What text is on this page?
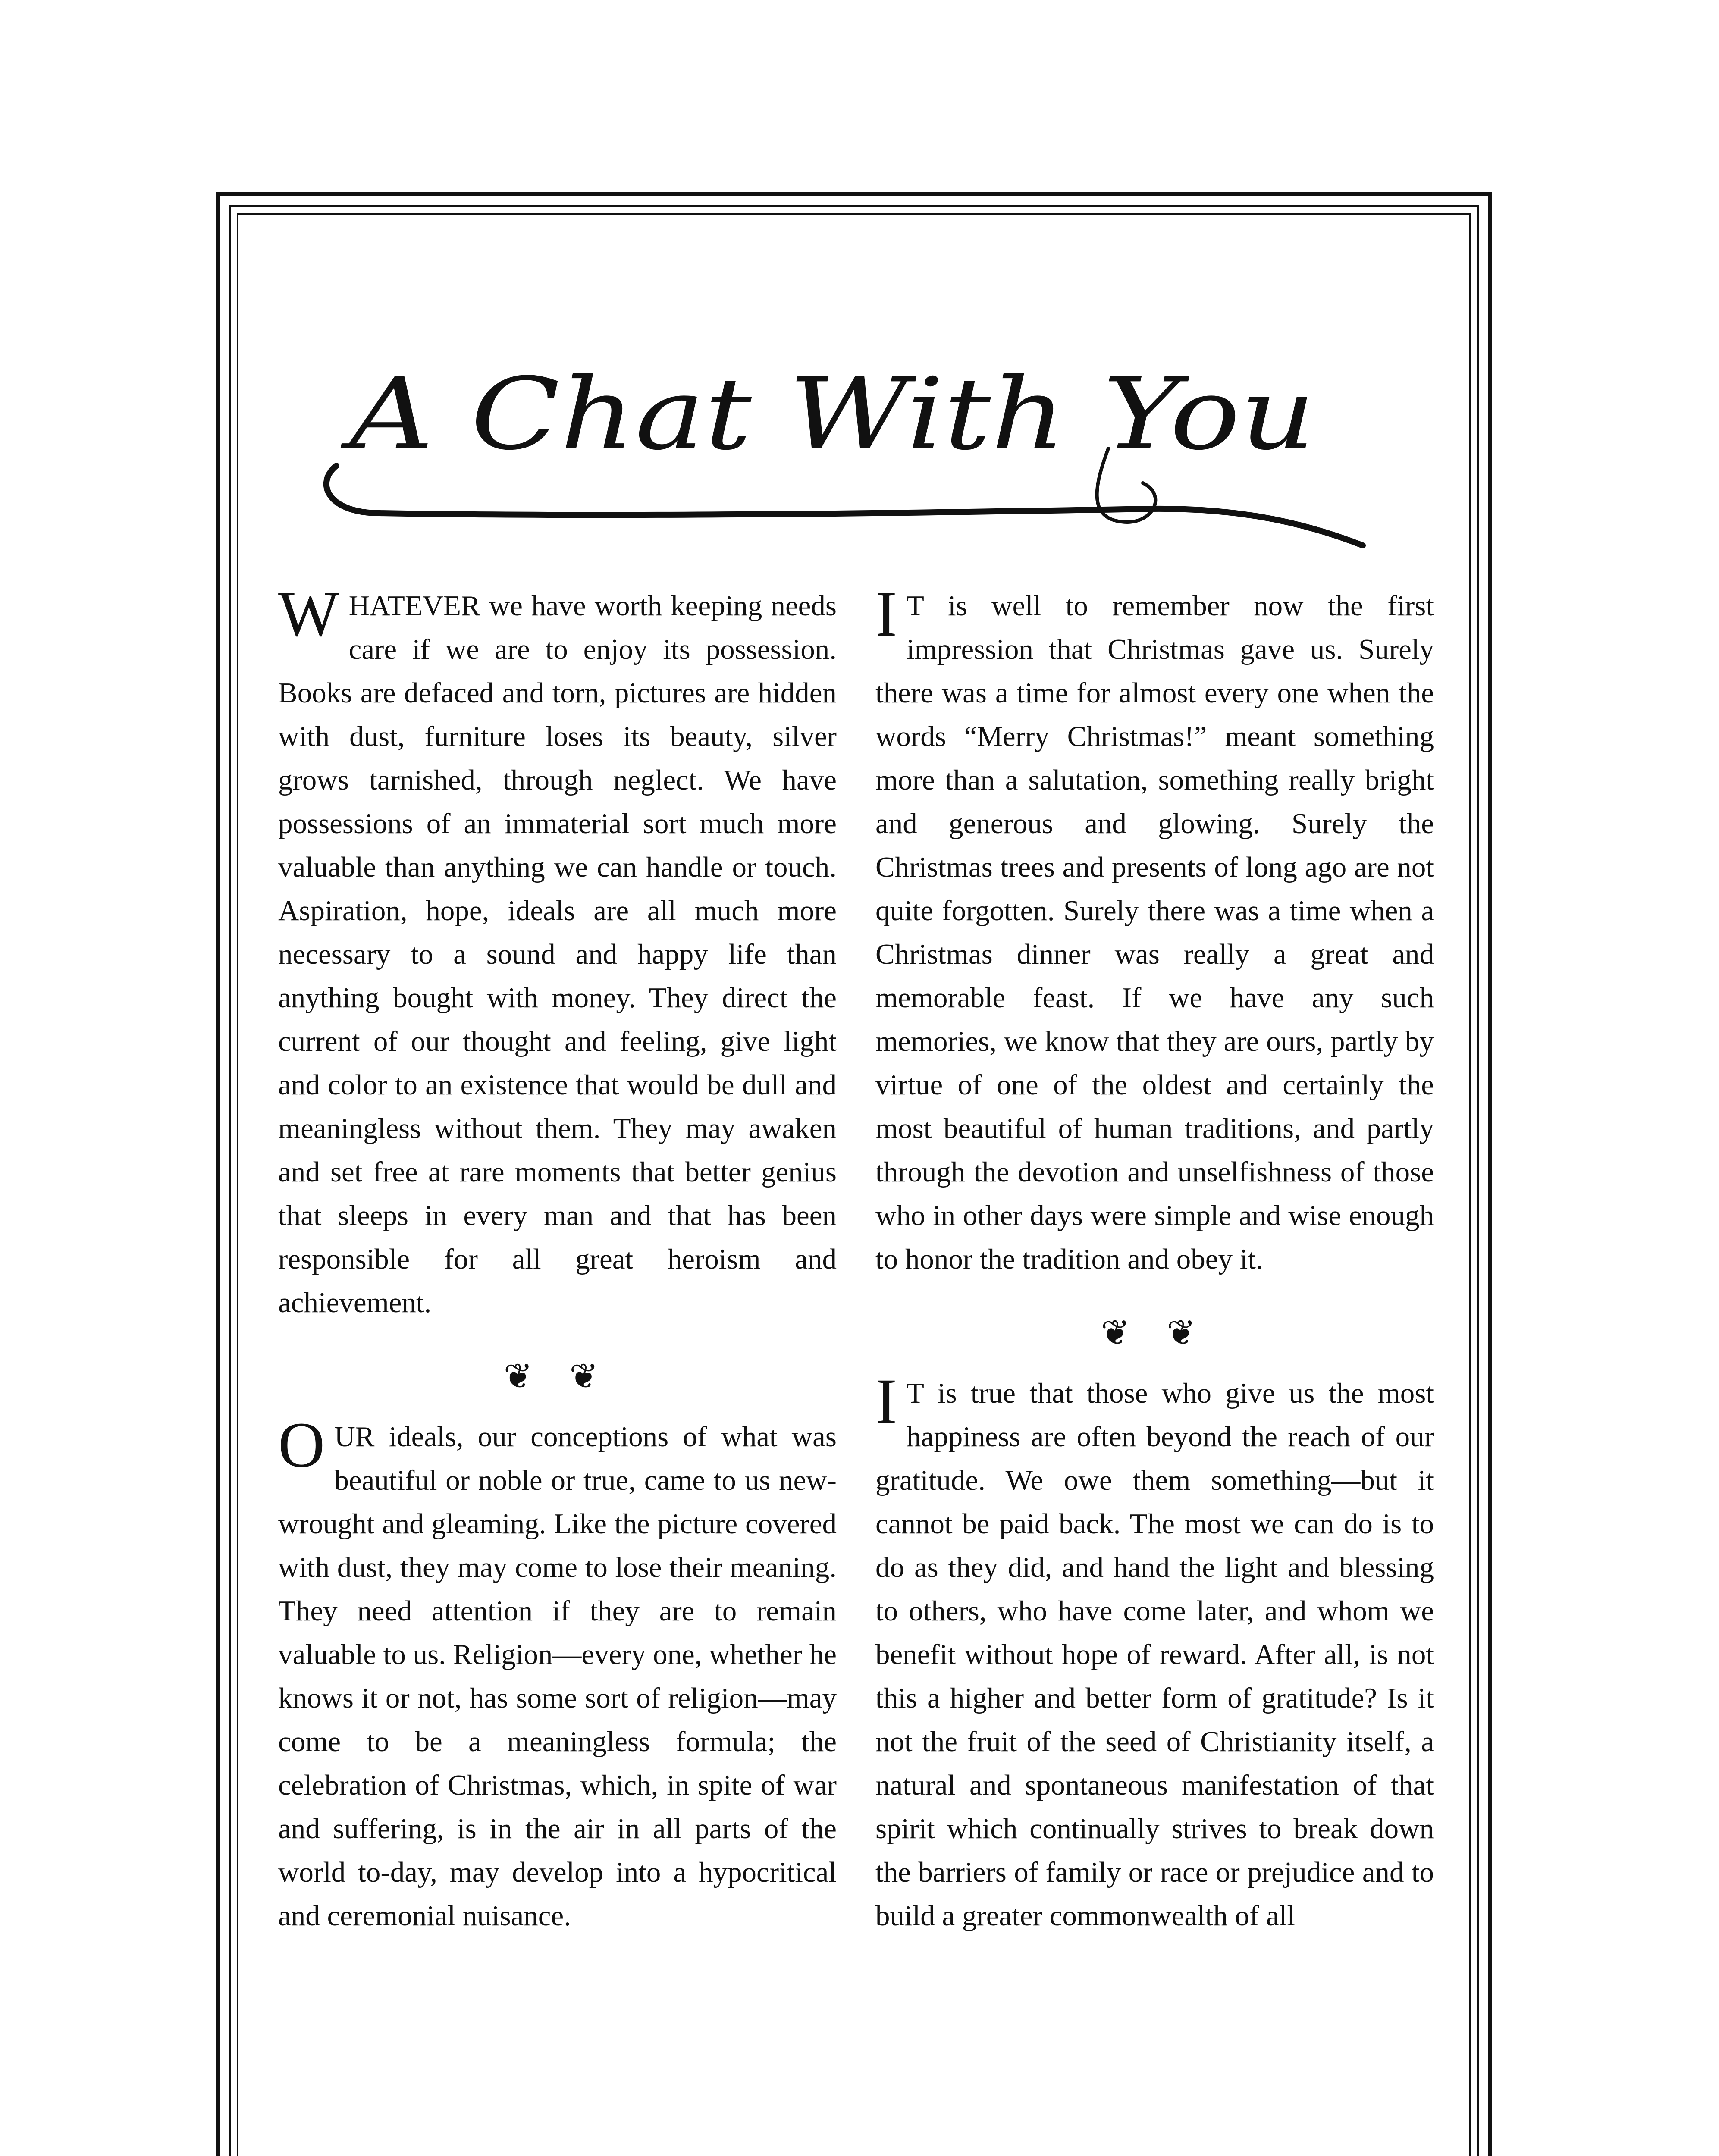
A Chat With You

WHATEVER we have worth keeping needs care if we are to enjoy its possession. Books are defaced and torn, pictures are hidden with dust, furniture loses its beauty, silver grows tarnished, through neglect. We have possessions of an immaterial sort much more valuable than anything we can handle or touch. Aspiration, hope, ideals are all much more necessary to a sound and happy life than anything bought with money. They direct the current of our thought and feeling, give light and color to an existence that would be dull and meaningless without them. They may awaken and set free at rare moments that better genius that sleeps in every man and that has been responsible for all great heroism and achievement.

❦ ❦

OUR ideals, our conceptions of what was beautiful or noble or true, came to us new-wrought and gleaming. Like the picture covered with dust, they may come to lose their meaning. They need attention if they are to remain valuable to us. Religion—every one, whether he knows it or not, has some sort of religion—may come to be a meaningless formula; the celebration of Christmas, which, in spite of war and suffering, is in the air in all parts of the world to-day, may develop into a hypocritical and ceremonial nuisance.

I T is well to remember now the first impression that Christmas gave us. Surely there was a time for almost every one when the words “Merry Christmas!” meant something more than a salutation, something really bright and generous and glowing. Surely the Christmas trees and presents of long ago are not quite forgotten. Surely there was a time when a Christmas dinner was really a great and memorable feast. If we have any such memories, we know that they are ours, partly by virtue of one of the oldest and certainly the most beautiful of human traditions, and partly through the devotion and unselfishness of those who in other days were simple and wise enough to honor the tradition and obey it.

❦ ❦

I T is true that those who give us the most happiness are often beyond the reach of our gratitude. We owe them something—but it cannot be paid back. The most we can do is to do as they did, and hand the light and blessing to others, who have come later, and whom we benefit without hope of reward. After all, is not this a higher and better form of gratitude? Is it not the fruit of the seed of Christianity itself, a natural and spontaneous manifestation of that spirit which continually strives to break down the barriers of family or race or prejudice and to build a greater commonwealth of all
